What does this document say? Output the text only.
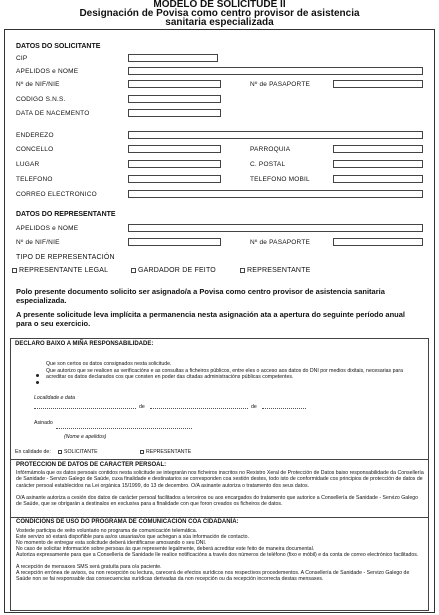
MODELO DE SOLICITUDE II
Designación de Povisa como centro provisor de asistencia
sanitaria especializada
DATOS DO SOLICITANTE
CIP
APELIDOS e NOME
Nº de NIF/NIE	Nº de PASAPORTE
CODIGO S.N.S.
DATA DE NACEMENTO
ENDEREZO
CONCELLO	PARROQUIA
LUGAR	C. POSTAL
TELEFONO	TELEFONO MOBIL
CORREO ELECTRONICO
DATOS DO REPRESENTANTE
APELIDOS e NOME
Nº de NIF/NIE	Nº de PASAPORTE
TIPO DE REPRESENTACIÓN
REPRESENTANTE LEGAL	GARDADOR DE FEITO	REPRESENTANTE
Polo presente documento solicito ser asignado/a a Povisa como centro provisor de asistencia sanitaria especializada.
A presente solicitude leva implícita a permanencia nesta asignación ata a apertura do seguinte período anual para o seu exercicio.
DECLARO BAIXO A MIÑA RESPONSABILIDADE:
Que son certos os datos consignados nesta solicitude.
Que autorizo que se realicen as verificacións e as consultas a ficheiros públicos, entre eles o acceso aos datos do DNI por medios dixitais, necesarias para acreditar os datos declarados cos que consten en poder das citadas administracións públicas competentes.
Localidade e data
de	de
Asinado
(Nome e apelidos)
En calidade de:	SOLICITANTE	REPRESENTANTE
PROTECCION DE DATOS DE CARACTER PERSOAL:
Infórmámola que os datos persoais contidos nesta solicitude se integrarán nos ficheiros inscritos no Rexistro Xeral de Protección de Datos baixo responsabilidade da Consellería de Sanidade - Servizo Galego de Saúde, cuxa finalidade e destinatarios se corresponden coa xestión destes, todo isto de conformidade cos principios de protección de datos de carácter persoal establecidos na Lei orgánica 15/1999, do 13 de decembro. O/A asinante autoriza o tratamento dos seus datos.
O/A asinante autoriza a cesión dos datos de carácter persoal facilitados a terceiros ou aos encargados do tratamento que autorice a Consellería de Sanidade - Servizo Galego de Saúde, que se obrigarán a destinalos en exclusiva para a finalidade con que foron creados os ficheiros de datos.
CONDICIÓNS DE USO DO PROGRAMA DE COMUNICACIÓN COA CIDADANÍA:
Vostede participa de xeito voluntario no programa de comunicación telemática.
Este servizo só estará dispoñible para as/os usuarias/os que achegan a súa información de contacto.
No momento de entregar esta solicitude deberá identificarse amosando o seu DNI.
No caso de solicitar información sobre persoas ás que represente legalmente, deberá acreditar este feito de maneira documental.
Autoriza expresamente para que a Consellería de Sanidade lle realice notificacións a través dos números de teléfono (fixo e móbil) e da conta de correo electrónico facilitados.
A recepción de mensaxes SMS será gratuíta para o/a paciente.
A recepción errónea de avisos, ou non recepción ou lectura, carecerá de efectos xurídicos nos respectivos procedementos. A Consellería de Sanidade - Servizo Galego de Saúde non se fai responsable das consecuencias xurídicas derivadas da non recepción ou da recepción incorrecta destas mensaxes.
